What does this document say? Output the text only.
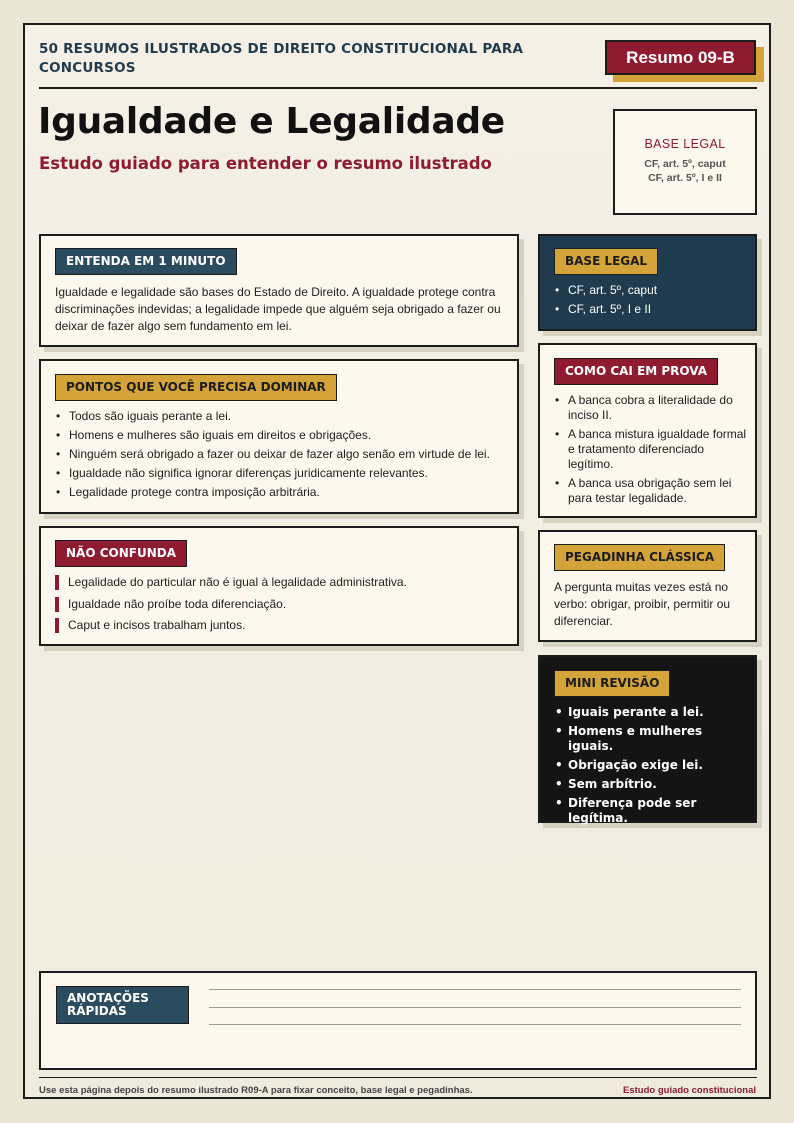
50 RESUMOS ILUSTRADOS DE DIREITO CONSTITUCIONAL PARA CONCURSOS
Resumo 09-B
Igualdade e Legalidade
Estudo guiado para entender o resumo ilustrado
BASE LEGAL
CF, art. 5º, caput
CF, art. 5º, I e II
ENTENDA EM 1 MINUTO

Igualdade e legalidade são bases do Estado de Direito. A igualdade protege contra discriminações indevidas; a legalidade impede que alguém seja obrigado a fazer ou deixar de fazer algo sem fundamento em lei.

PONTOS QUE VOCÊ PRECISA DOMINAR
• Todos são iguais perante a lei.
• Homens e mulheres são iguais em direitos e obrigações.
• Ninguém será obrigado a fazer ou deixar de fazer algo senão em virtude de lei.
• Igualdade não significa ignorar diferenças juridicamente relevantes.
• Legalidade protege contra imposição arbitrária.
NÃO CONFUNDA
Legalidade do particular não é igual à legalidade administrativa.
Igualdade não proíbe toda diferenciação.
Caput e incisos trabalham juntos.
BASE LEGAL
• CF, art. 5º, caput
• CF, art. 5º, I e II
COMO CAI EM PROVA
• A banca cobra a literalidade do inciso II.
• A banca mistura igualdade formal e tratamento diferenciado legítimo.
• A banca usa obrigação sem lei para testar legalidade.
PEGADINHA CLÁSSICA

A pergunta muitas vezes está no verbo: obrigar, proibir, permitir ou diferenciar.

MINI REVISÃO
• Iguais perante a lei.
• Homens e mulheres iguais.
• Obrigação exige lei.
• Sem arbítrio.
• Diferença pode ser legítima.
ANOTAÇÕES RÁPIDAS
Use esta página depois do resumo ilustrado R09-A para fixar conceito, base legal e pegadinhas.	Estudo guiado constitucional
